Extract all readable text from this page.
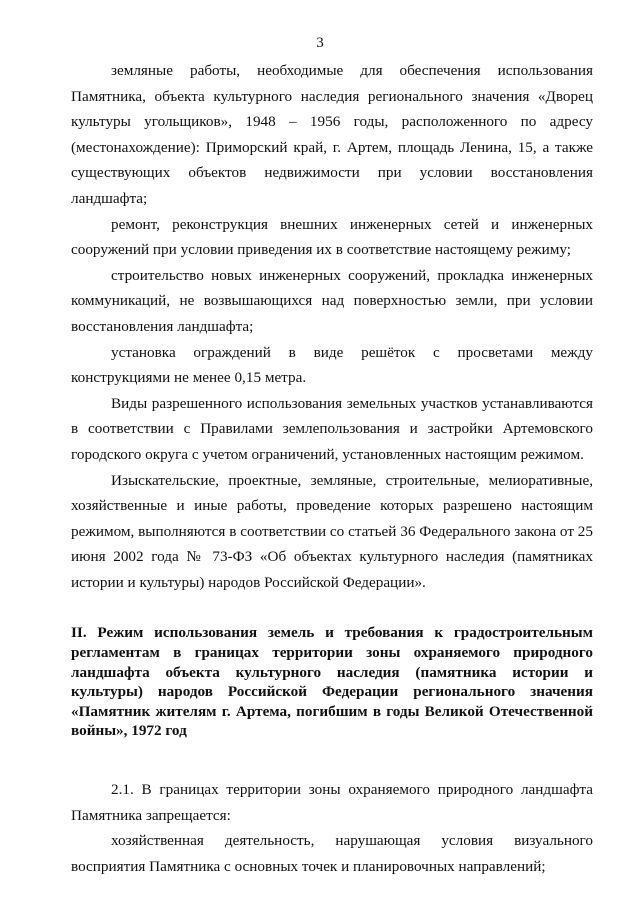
3

земляные работы, необходимые для обеспечения использования Памятника, объекта культурного наследия регионального значения «Дворец культуры угольщиков», 1948 – 1956 годы, расположенного по адресу (местонахождение): Приморский край, г. Артем, площадь Ленина, 15, а также существующих объектов недвижимости при условии восстановления ландшафта;

ремонт, реконструкция внешних инженерных сетей и инженерных сооружений при условии приведения их в соответствие настоящему режиму;

строительство новых инженерных сооружений, прокладка инженерных коммуникаций, не возвышающихся над поверхностью земли, при условии восстановления ландшафта;

установка ограждений в виде решёток с просветами между конструкциями не менее 0,15 метра.

Виды разрешенного использования земельных участков устанавливаются в соответствии с Правилами землепользования и застройки Артемовского городского округа с учетом ограничений, установленных настоящим режимом.

Изыскательские, проектные, земляные, строительные, мелиоративные, хозяйственные и иные работы, проведение которых разрешено настоящим режимом, выполняются в соответствии со статьей 36 Федерального закона от 25 июня 2002 года № 73-ФЗ «Об объектах культурного наследия (памятниках истории и культуры) народов Российской Федерации».

II. Режим использования земель и требования к градостроительным регламентам в границах территории зоны охраняемого природного ландшафта объекта культурного наследия (памятника истории и культуры) народов Российской Федерации регионального значения «Памятник жителям г. Артема, погибшим в годы Великой Отечественной войны», 1972 год

2.1. В границах территории зоны охраняемого природного ландшафта Памятника запрещается:

хозяйственная деятельность, нарушающая условия визуального восприятия Памятника с основных точек и планировочных направлений;
